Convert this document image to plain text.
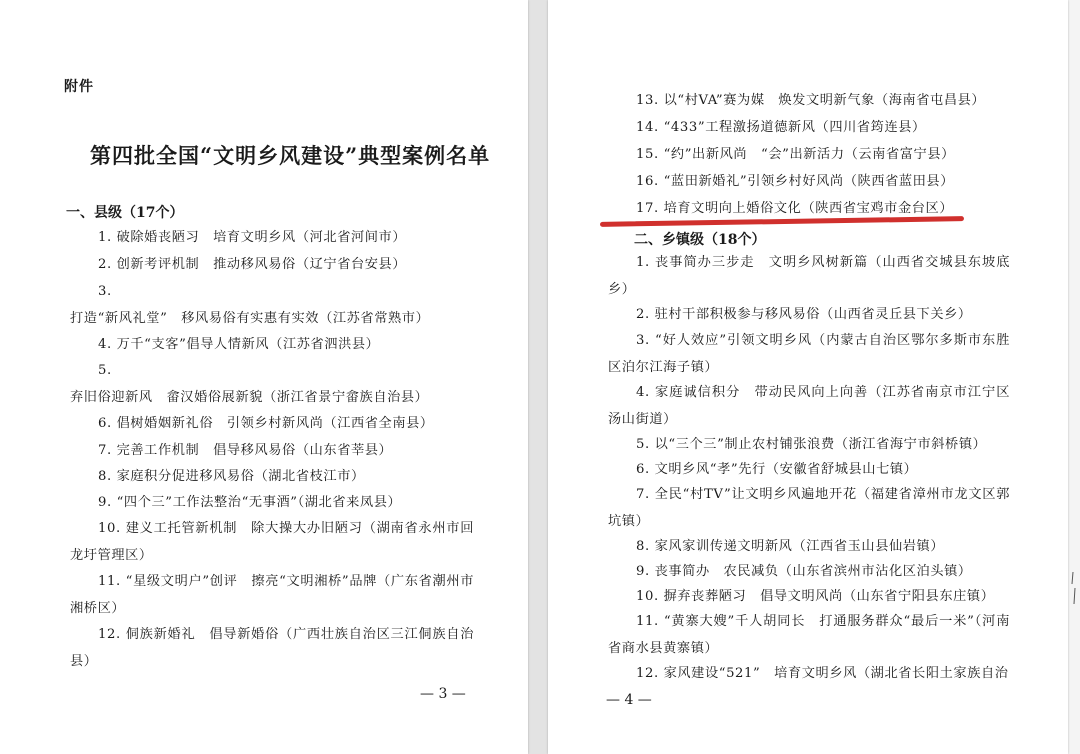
附件
第四批全国“文明乡风建设”典型案例名单
一、县级（17个）
1. 破除婚丧陋习　培育文明乡风（河北省河间市）
2. 创新考评机制　推动移风易俗（辽宁省台安县）
3. 打造“新风礼堂”　移风易俗有实惠有实效（江苏省常熟市）
4. 万千“支客”倡导人情新风（江苏省泗洪县）
5. 弃旧俗迎新风　畲汉婚俗展新貌（浙江省景宁畲族自治县）
6. 倡树婚姻新礼俗　引领乡村新风尚（江西省全南县）
7. 完善工作机制　倡导移风易俗（山东省莘县）
8. 家庭积分促进移风易俗（湖北省枝江市）
9. “四个三”工作法整治“无事酒”（湖北省来凤县）
10. 建义工托管新机制　除大操大办旧陋习（湖南省永州市回龙圩管理区）
11. “星级文明户”创评　擦亮“文明湘桥”品牌（广东省潮州市湘桥区）
12. 侗族新婚礼　倡导新婚俗（广西壮族自治区三江侗族自治县）
— 3 —
13. 以“村VA”赛为媒　焕发文明新气象（海南省屯昌县）
14. “433”工程激扬道德新风（四川省筠连县）
15. “约”出新风尚　“会”出新活力（云南省富宁县）
16. “蓝田新婚礼”引领乡村好风尚（陕西省蓝田县）
17. 培育文明向上婚俗文化（陕西省宝鸡市金台区）
二、乡镇级（18个）
1. 丧事简办三步走　文明乡风树新篇（山西省交城县东坡底乡）
2. 驻村干部积极参与移风易俗（山西省灵丘县下关乡）
3. “好人效应”引领文明乡风（内蒙古自治区鄂尔多斯市东胜区泊尔江海子镇）
4. 家庭诚信积分　带动民风向上向善（江苏省南京市江宁区汤山街道）
5. 以“三个三”制止农村铺张浪费（浙江省海宁市斜桥镇）
6. 文明乡风“孝”先行（安徽省舒城县山七镇）
7. 全民“村TV”让文明乡风遍地开花（福建省漳州市龙文区郭坑镇）
8. 家风家训传递文明新风（江西省玉山县仙岩镇）
9. 丧事简办　农民减负（山东省滨州市沾化区泊头镇）
10. 摒弃丧葬陋习　倡导文明风尚（山东省宁阳县东庄镇）
11. “黄寨大嫂”千人胡同长　打通服务群众“最后一米”（河南省商水县黄寨镇）
12. 家风建设“521”　培育文明乡风（湖北省长阳土家族自治
— 4 —
